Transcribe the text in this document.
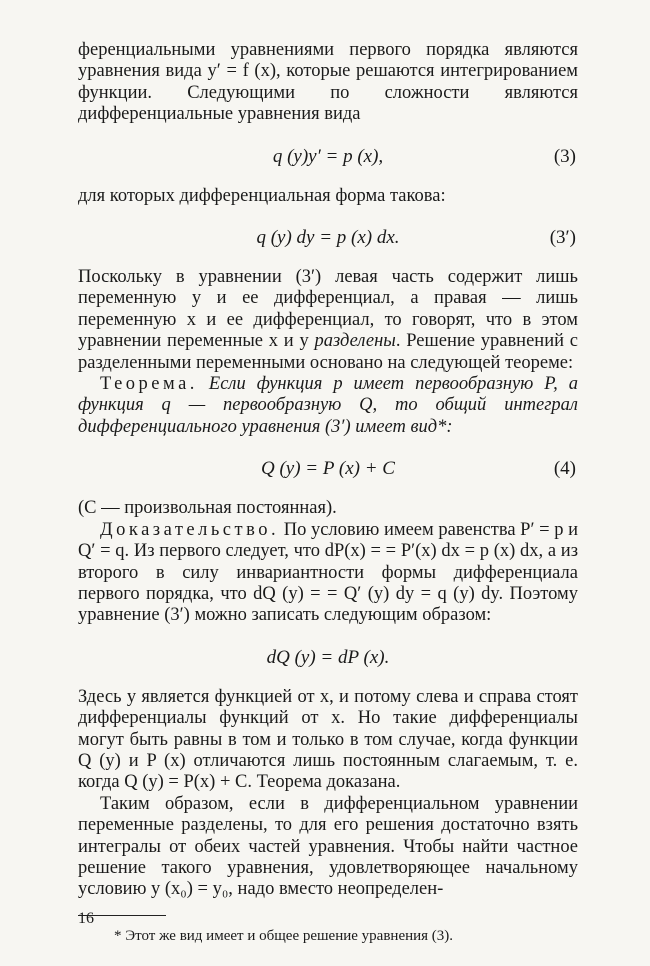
ференциальными уравнениями первого порядка являются уравнения вида y′ = f (x), которые решаются интегрированием функции. Следующими по сложности являются дифференциальные уравнения вида

q (y)y′ = p (x),	(3)

для которых дифференциальная форма такова:

q (y) dy = p (x) dx.	(3′)

Поскольку в уравнении (3′) левая часть содержит лишь переменную y и ее дифференциал, а правая — лишь переменную x и ее дифференциал, то говорят, что в этом уравнении переменные x и y разделены. Решение уравнений с разделенными переменными основано на следующей теореме:

Теорема. Если функция p имеет первообразную P, а функция q — первообразную Q, то общий интеграл дифференциального уравнения (3′) имеет вид*:

Q (y) = P (x) + C	(4)

(C — произвольная постоянная).

Доказательство. По условию имеем равенства P′ = p и Q′ = q. Из первого следует, что dP(x) = = P′(x) dx = p (x) dx, а из второго в силу инвариантности формы дифференциала первого порядка, что dQ (y) = = Q′ (y) dy = q (y) dy. Поэтому уравнение (3′) можно записать следующим образом:

dQ (y) = dP (x).

Здесь y является функцией от x, и потому слева и справа стоят дифференциалы функций от x. Но такие дифференциалы могут быть равны в том и только в том случае, когда функции Q (y) и P (x) отличаются лишь постоянным слагаемым, т. е. когда Q (y) = P(x) + C. Теорема доказана.

Таким образом, если в дифференциальном уравнении переменные разделены, то для его решения достаточно взять интегралы от обеих частей уравнения. Чтобы найти частное решение такого уравнения, удовлетворяющее начальному условию y (x₀) = y₀, надо вместо неопределен-

* Этот же вид имеет и общее решение уравнения (3).

16
